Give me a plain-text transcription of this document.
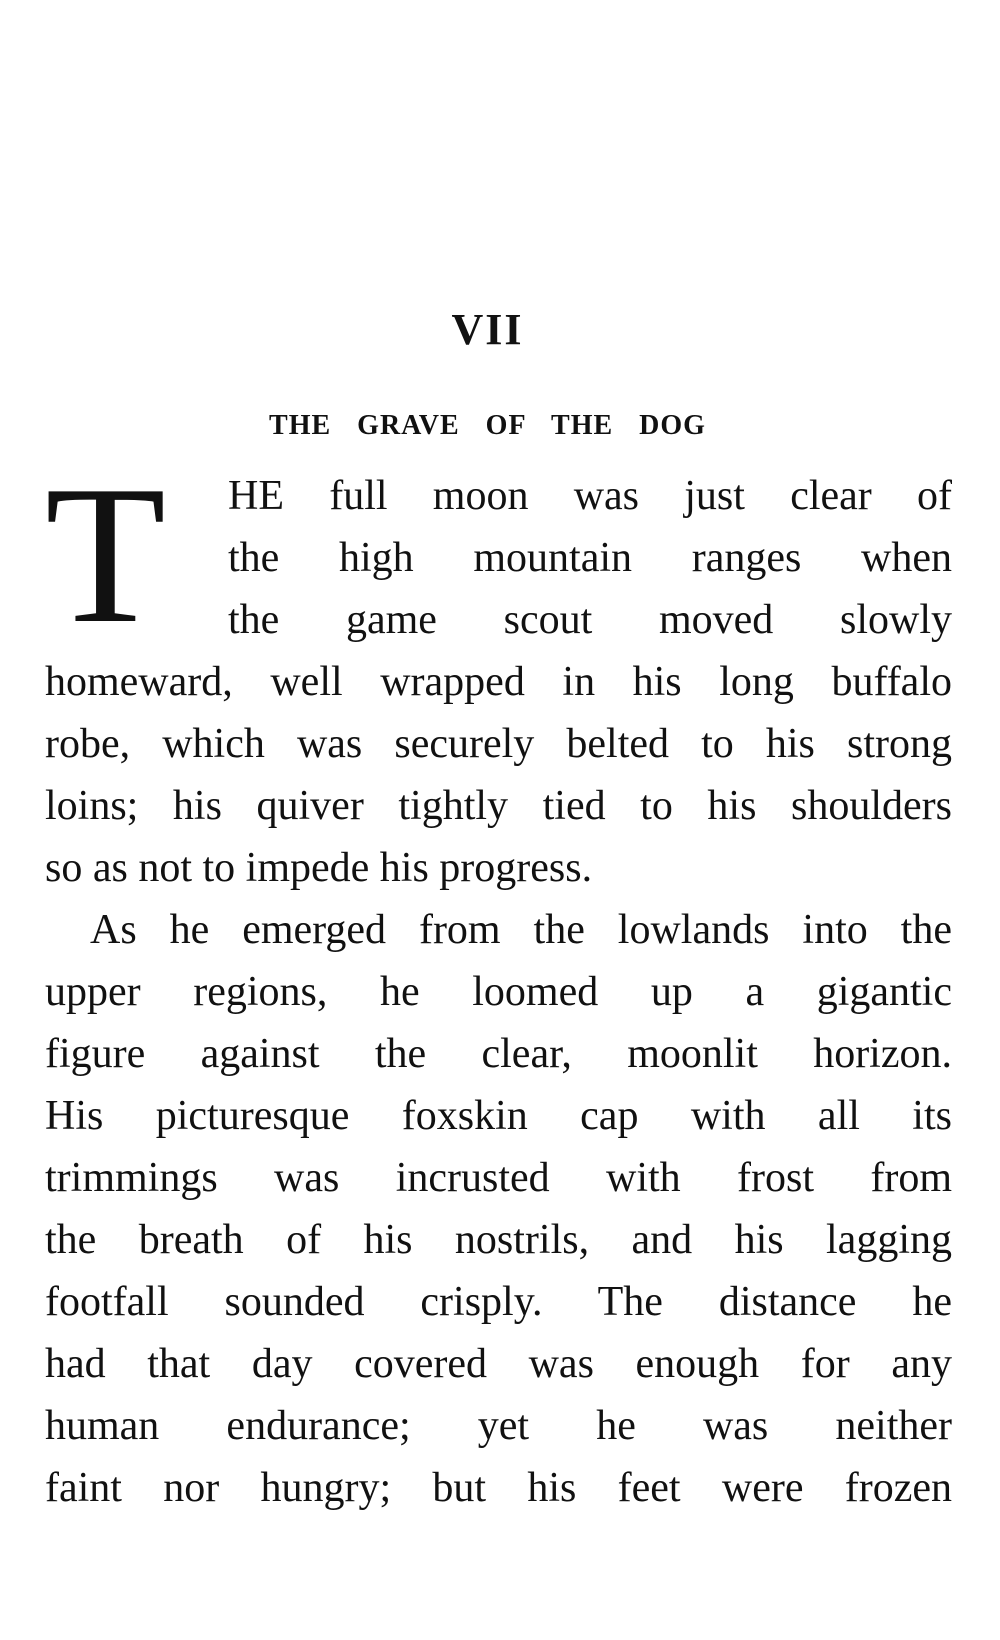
VII
THE GRAVE OF THE DOG
T HE full moon was just clear of
the high mountain ranges when
the game scout moved slowly
homeward, well wrapped in his long buffalo
robe, which was securely belted to his strong
loins; his quiver tightly tied to his shoulders
so as not to impede his progress.
As he emerged from the lowlands into the
upper regions, he loomed up a gigantic
figure against the clear, moonlit horizon.
His picturesque foxskin cap with all its
trimmings was incrusted with frost from
the breath of his nostrils, and his lagging
footfall sounded crisply. The distance he
had that day covered was enough for any
human endurance; yet he was neither
faint nor hungry; but his feet were frozen
